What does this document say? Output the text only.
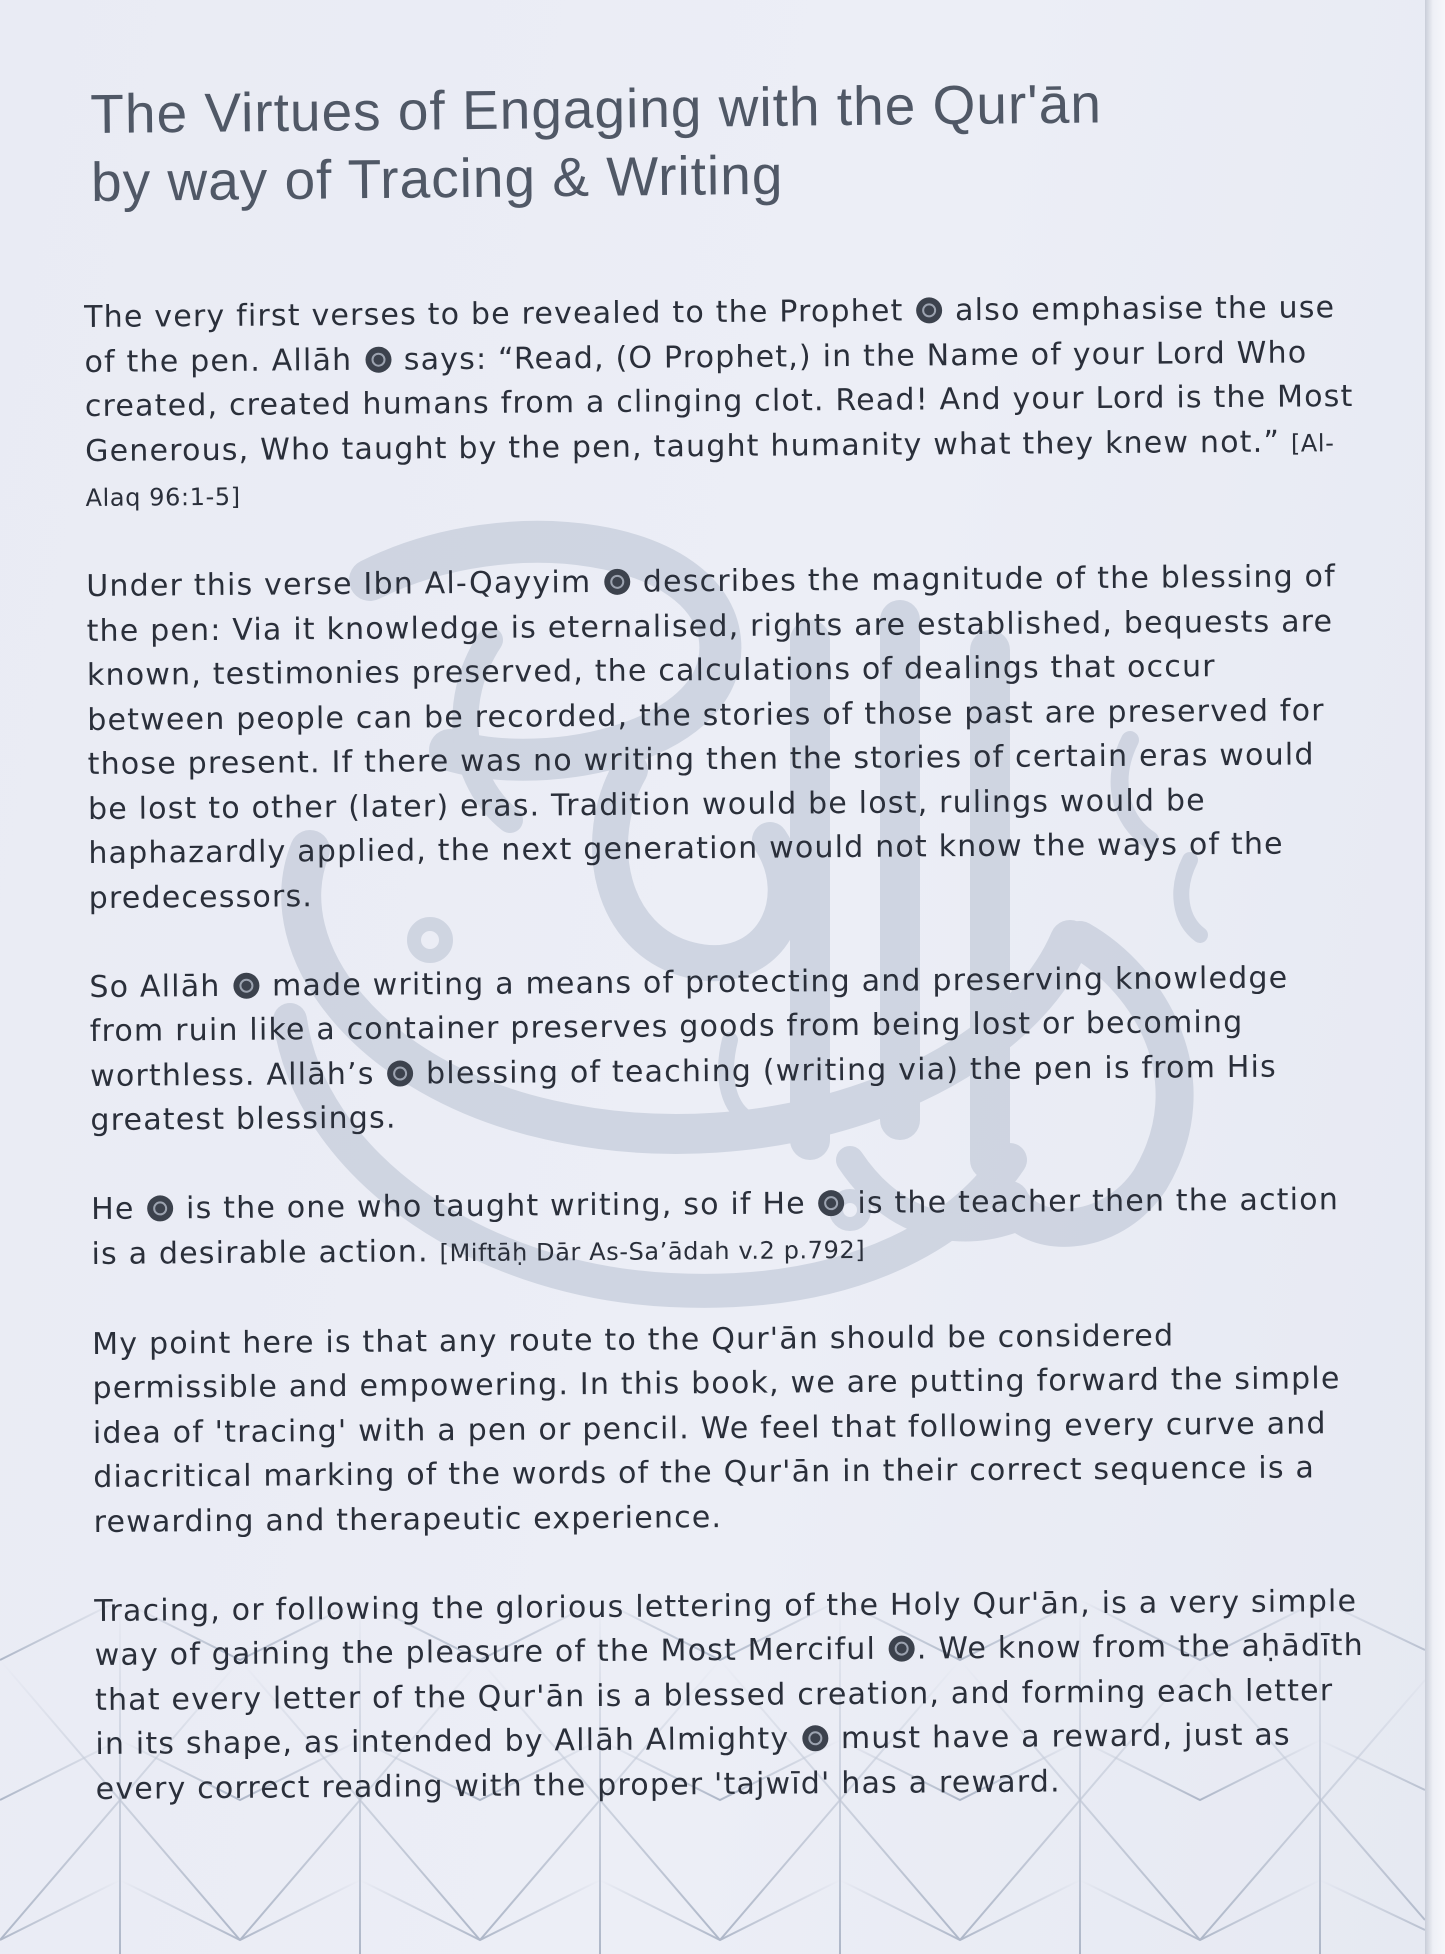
The Virtues of Engaging with the Qur'ān
by way of Tracing & Writing

The very first verses to be revealed to the Prophet also emphasise the use of the pen. Allāh says: “Read, (O Prophet,) in the Name of your Lord Who created, created humans from a clinging clot. Read! And your Lord is the Most Generous, Who taught by the pen, taught humanity what they knew not.” [Al-Alaq 96:1-5]

Under this verse Ibn Al-Qayyim describes the magnitude of the blessing of the pen: Via it knowledge is eternalised, rights are established, bequests are known, testimonies preserved, the calculations of dealings that occur between people can be recorded, the stories of those past are preserved for those present. If there was no writing then the stories of certain eras would be lost to other (later) eras. Tradition would be lost, rulings would be haphazardly applied, the next generation would not know the ways of the predecessors.

So Allāh made writing a means of protecting and preserving knowledge from ruin like a container preserves goods from being lost or becoming worthless. Allāh’s blessing of teaching (writing via) the pen is from His greatest blessings.

He is the one who taught writing, so if He is the teacher then the action is a desirable action. [Miftāḥ Dār As-Sa’ādah v.2 p.792]

My point here is that any route to the Qur'ān should be considered permissible and empowering. In this book, we are putting forward the simple idea of 'tracing' with a pen or pencil. We feel that following every curve and diacritical marking of the words of the Qur'ān in their correct sequence is a rewarding and therapeutic experience.

Tracing, or following the glorious lettering of the Holy Qur'ān, is a very simple way of gaining the pleasure of the Most Merciful . We know from the aḥādīth that every letter of the Qur'ān is a blessed creation, and forming each letter in its shape, as intended by Allāh Almighty must have a reward, just as every correct reading with the proper 'tajwīd' has a reward.
